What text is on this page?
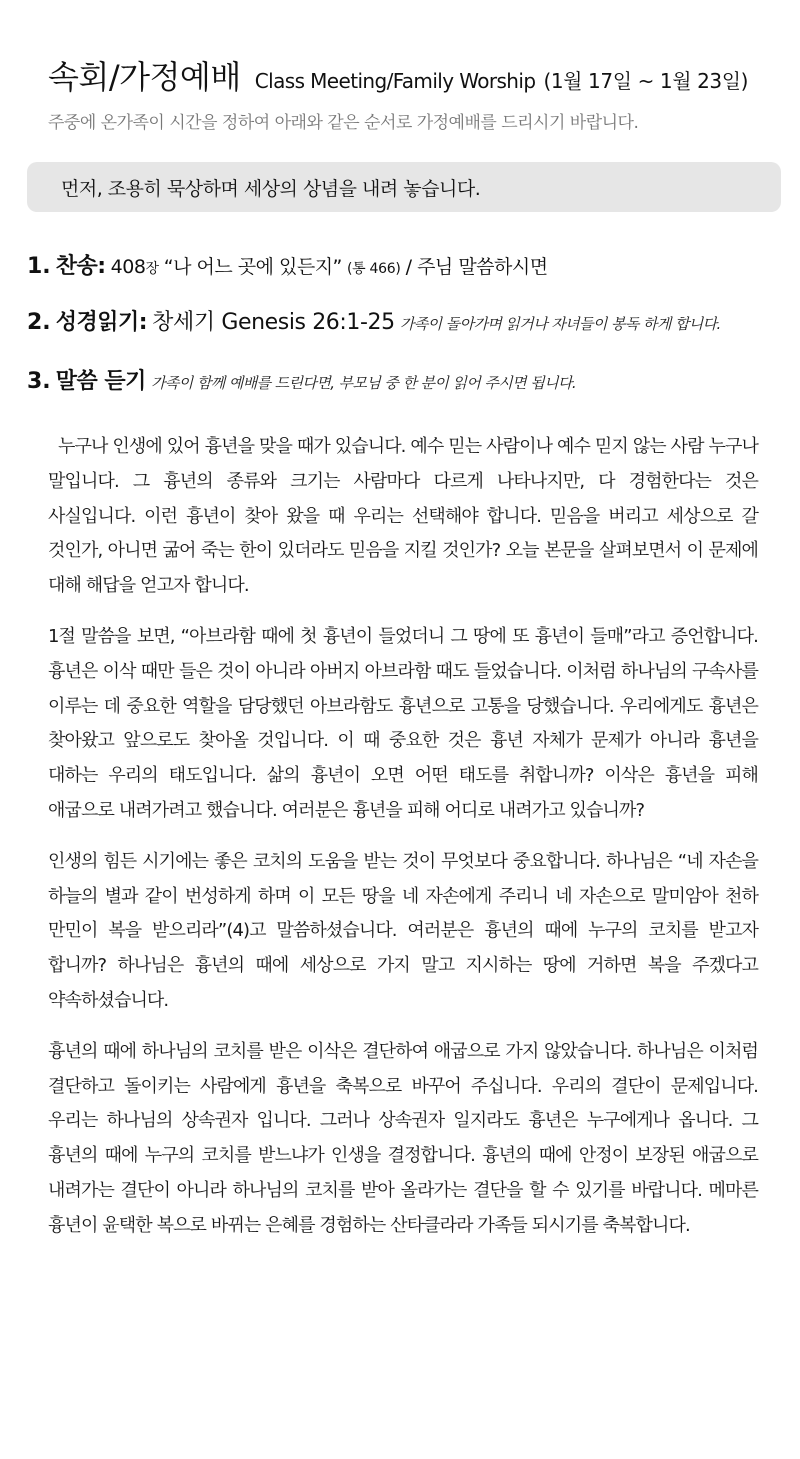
속회/가정예배 Class Meeting/Family Worship (1월 17일 ~ 1월 23일)
주중에 온가족이 시간을 정하여 아래와 같은 순서로 가정예배를 드리시기 바랍니다.
먼저, 조용히 묵상하며 세상의 상념을 내려 놓습니다.
1. 찬송: 408장 “나 어느 곳에 있든지” (통 466) / 주님 말씀하시면
2. 성경읽기: 창세기 Genesis 26:1-25 가족이 돌아가며 읽거나 자녀들이 봉독 하게 합니다.
3. 말씀 듣기 가족이 함께 예배를 드린다면, 부모님 중 한 분이 읽어 주시면 됩니다.

누구나 인생에 있어 흉년을 맞을 때가 있습니다. 예수 믿는 사람이나 예수 믿지 않는 사람 누구나 말입니다. 그 흉년의 종류와 크기는 사람마다 다르게 나타나지만, 다 경험한다는 것은 사실입니다. 이런 흉년이 찾아 왔을 때 우리는 선택해야 합니다. 믿음을 버리고 세상으로 갈 것인가, 아니면 굶어 죽는 한이 있더라도 믿음을 지킬 것인가? 오늘 본문을 살펴보면서 이 문제에 대해 해답을 얻고자 합니다.

1절 말씀을 보면, “아브라함 때에 첫 흉년이 들었더니 그 땅에 또 흉년이 들매”라고 증언합니다. 흉년은 이삭 때만 들은 것이 아니라 아버지 아브라함 때도 들었습니다. 이처럼 하나님의 구속사를 이루는 데 중요한 역할을 담당했던 아브라함도 흉년으로 고통을 당했습니다. 우리에게도 흉년은 찾아왔고 앞으로도 찾아올 것입니다. 이 때 중요한 것은 흉년 자체가 문제가 아니라 흉년을 대하는 우리의 태도입니다. 삶의 흉년이 오면 어떤 태도를 취합니까? 이삭은 흉년을 피해 애굽으로 내려가려고 했습니다. 여러분은 흉년을 피해 어디로 내려가고 있습니까?

인생의 힘든 시기에는 좋은 코치의 도움을 받는 것이 무엇보다 중요합니다. 하나님은 “네 자손을 하늘의 별과 같이 번성하게 하며 이 모든 땅을 네 자손에게 주리니 네 자손으로 말미암아 천하 만민이 복을 받으리라”(4)고 말씀하셨습니다. 여러분은 흉년의 때에 누구의 코치를 받고자 합니까? 하나님은 흉년의 때에 세상으로 가지 말고 지시하는 땅에 거하면 복을 주겠다고 약속하셨습니다.

흉년의 때에 하나님의 코치를 받은 이삭은 결단하여 애굽으로 가지 않았습니다. 하나님은 이처럼 결단하고 돌이키는 사람에게 흉년을 축복으로 바꾸어 주십니다. 우리의 결단이 문제입니다. 우리는 하나님의 상속권자 입니다. 그러나 상속권자 일지라도 흉년은 누구에게나 옵니다. 그 흉년의 때에 누구의 코치를 받느냐가 인생을 결정합니다. 흉년의 때에 안정이 보장된 애굽으로 내려가는 결단이 아니라 하나님의 코치를 받아 올라가는 결단을 할 수 있기를 바랍니다. 메마른 흉년이 윤택한 복으로 바뀌는 은혜를 경험하는 산타클라라 가족들 되시기를 축복합니다.
